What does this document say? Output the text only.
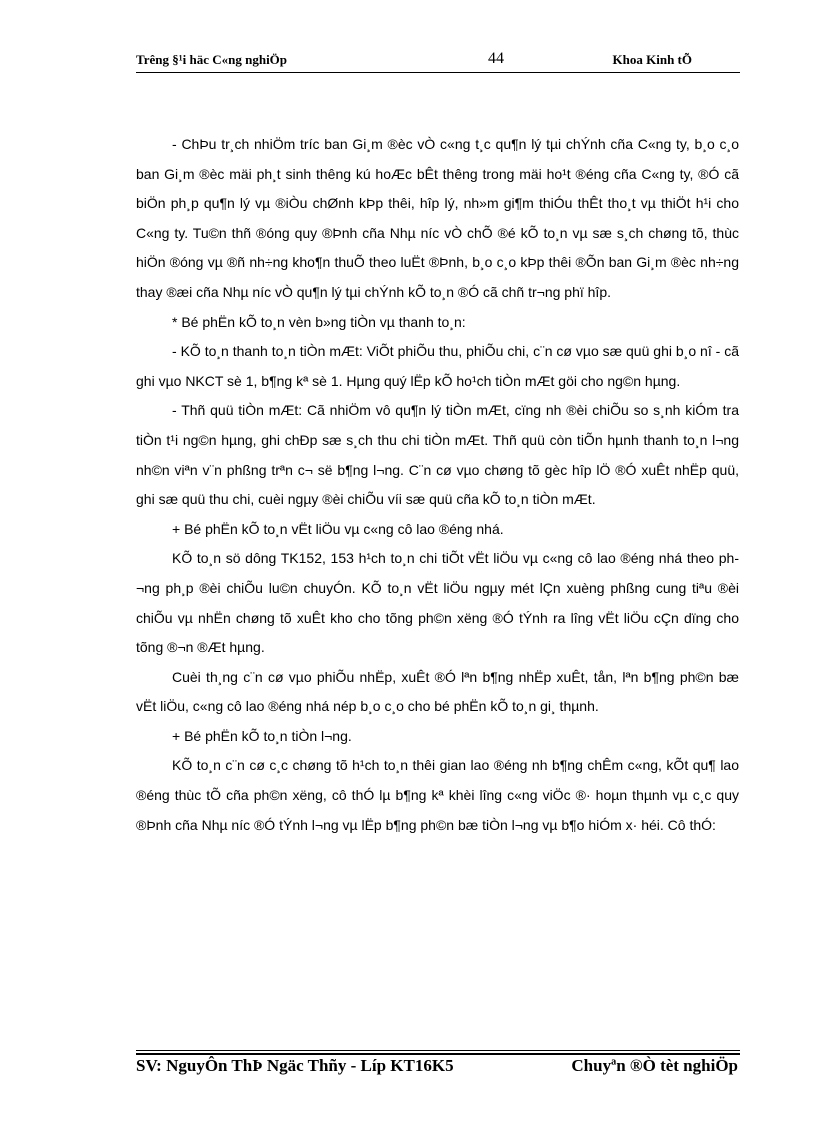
Trêng §¹i häc C«ng nghiÖp	44	Khoa Kinh tÕ

- ChÞu tr¸ch nhiÖm tríc ban Gi¸m ®èc vÒ c«ng t¸c qu¶n lý tµi chÝnh cña C«ng ty, b¸o c¸o ban Gi¸m ®èc mäi ph¸t sinh thêng kú hoÆc bÊt thêng trong mäi ho¹t ®éng cña C«ng ty, ®Ó cã biÖn ph¸p qu¶n lý vµ ®iÒu chØnh kÞp thêi, hîp lý, nh»m gi¶m thiÓu thÊt tho¸t vµ thiÖt h¹i cho C«ng ty. Tu©n thñ ®óng quy ®Þnh cña Nhµ níc vÒ chÕ ®é kÕ to¸n vµ sæ s¸ch chøng tõ, thùc hiÖn ®óng vµ ®ñ nh÷ng kho¶n thuÕ theo luËt ®Þnh, b¸o c¸o kÞp thêi ®Õn ban Gi¸m ®èc nh÷ng thay ®æi cña Nhµ níc vÒ qu¶n lý tµi chÝnh kÕ to¸n ®Ó cã chñ tr¬ng phï hîp.

* Bé phËn kÕ to¸n vèn b»ng tiÒn vµ thanh to¸n:

- KÕ to¸n thanh to¸n tiÒn mÆt: ViÕt phiÕu thu, phiÕu chi, c¨n cø vµo sæ quü ghi b¸o nî - cã ghi vµo NKCT sè 1, b¶ng kª sè 1. Hµng quý lËp kÕ ho¹ch tiÒn mÆt göi cho ng©n hµng.

- Thñ quü tiÒn mÆt: Cã nhiÖm vô qu¶n lý tiÒn mÆt, cïng nh ®èi chiÕu so s¸nh kiÓm tra tiÒn t¹i ng©n hµng, ghi chÐp sæ s¸ch thu chi tiÒn mÆt. Thñ quü còn tiÕn hµnh thanh to¸n l¬ng nh©n viªn v¨n phßng trªn c¬ së b¶ng l¬ng. C¨n cø vµo chøng tõ gèc hîp lÖ ®Ó xuÊt nhËp quü, ghi sæ quü thu chi, cuèi ngµy ®èi chiÕu víi sæ quü cña kÕ to¸n tiÒn mÆt.

+ Bé phËn kÕ to¸n vËt liÖu vµ c«ng cô lao ®éng nhá.

KÕ to¸n sö dông TK152, 153 h¹ch to¸n chi tiÕt vËt liÖu vµ c«ng cô lao ®éng nhá theo ph¬ng ph¸p ®èi chiÕu lu©n chuyÓn. KÕ to¸n vËt liÖu ngµy mét lÇn xuèng phßng cung tiªu ®èi chiÕu vµ nhËn chøng tõ xuÊt kho cho tõng ph©n xëng ®Ó tÝnh ra lîng vËt liÖu cÇn dïng cho tõng ®¬n ®Æt hµng.

Cuèi th¸ng c¨n cø vµo phiÕu nhËp, xuÊt ®Ó lªn b¶ng nhËp xuÊt, tån, lªn b¶ng ph©n bæ vËt liÖu, c«ng cô lao ®éng nhá nép b¸o c¸o cho bé phËn kÕ to¸n gi¸ thµnh.

+ Bé phËn kÕ to¸n tiÒn l¬ng.

KÕ to¸n c¨n cø c¸c chøng tõ h¹ch to¸n thêi gian lao ®éng nh b¶ng chÊm c«ng, kÕt qu¶ lao ®éng thùc tÕ cña ph©n xëng, cô thÓ lµ b¶ng kª khèi lîng c«ng viÖc ®· hoµn thµnh vµ c¸c quy ®Þnh cña Nhµ níc ®Ó tÝnh l¬ng vµ lËp b¶ng ph©n bæ tiÒn l¬ng vµ b¶o hiÓm x· héi. Cô thÓ:

SV: NguyÔn ThÞ Ngäc Thñy - Líp KT16K5	Chuyªn ®Ò tèt nghiÖp
